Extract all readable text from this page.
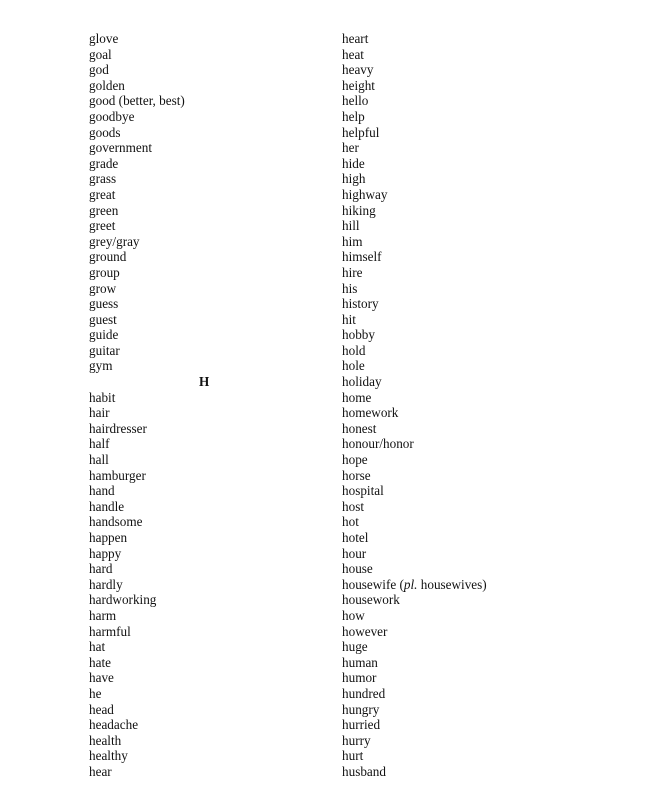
glove
goal
god
golden
good (better, best)
goodbye
goods
government
grade
grass
great
green
greet
grey/gray
ground
group
grow
guess
guest
guide
guitar
gym
H
habit
hair
hairdresser
half
hall
hamburger
hand
handle
handsome
happen
happy
hard
hardly
hardworking
harm
harmful
hat
hate
have
he
head
headache
health
healthy
hear
heart
heat
heavy
height
hello
help
helpful
her
hide
high
highway
hiking
hill
him
himself
hire
his
history
hit
hobby
hold
hole
holiday
home
homework
honest
honour/honor
hope
horse
hospital
host
hot
hotel
hour
house
housewife (pl. housewives)
housework
how
however
huge
human
humor
hundred
hungry
hurried
hurry
hurt
husband
